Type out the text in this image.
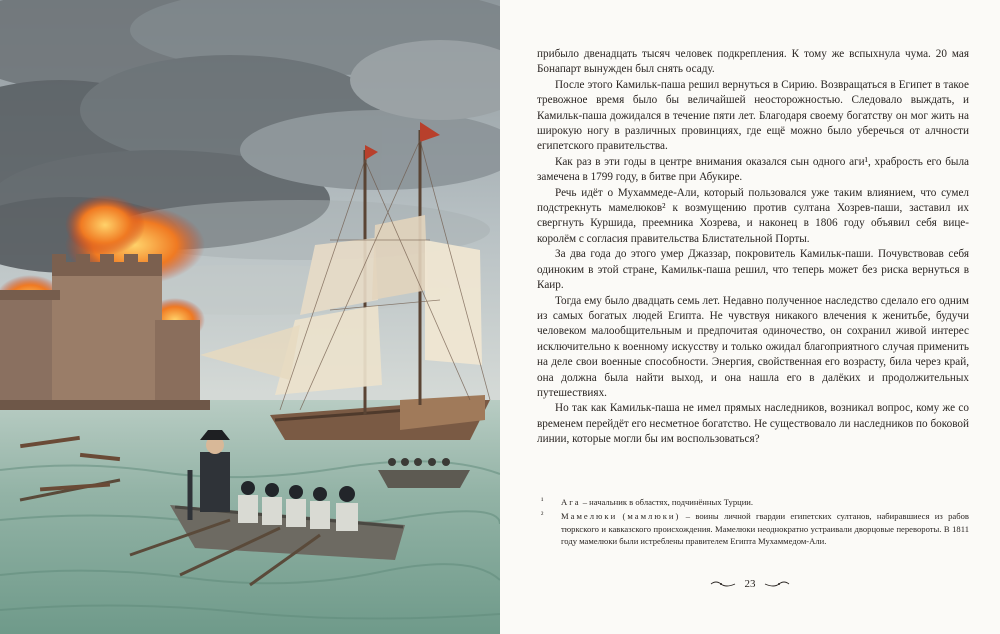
прибыло двенадцать тысяч человек подкрепления. К тому же вспыхнула чума. 20 мая Бонапарт вынужден был снять осаду.

После этого Камильк-паша решил вернуться в Сирию. Возвращаться в Египет в такое тревожное время было бы величайшей неосторожностью. Следовало выждать, и Камильк-паша дожидался в течение пяти лет. Благодаря своему богатству он мог жить на широкую ногу в различных провинциях, где ещё можно было уберечься от алчности египетского правительства.

Как раз в эти годы в центре внимания оказался сын одного аги¹, храбрость его была замечена в 1799 году, в битве при Абукире.

Речь идёт о Мухаммеде-Али, который пользовался уже таким влиянием, что сумел подстрекнуть мамелюков² к возмущению против султана Хозрев-паши, заставил их свергнуть Куршида, преемника Хозрева, и наконец в 1806 году объявил себя вице-королём с согласия правительства Блистательной Порты.

За два года до этого умер Джаззар, покровитель Камильк-паши. Почувствовав себя одиноким в этой стране, Камильк-паша решил, что теперь может без риска вернуться в Каир.

Тогда ему было двадцать семь лет. Недавно полученное наследство сделало его одним из самых богатых людей Египта. Не чувствуя никакого влечения к женитьбе, будучи человеком малообщительным и предпочитая одиночество, он сохранил живой интерес исключительно к военному искусству и только ожидал благоприятного случая применить на деле свои военные способности. Энергия, свойственная его возрасту, била через край, она должна была найти выход, и она нашла его в далёких и продолжительных путешествиях.

Но так как Камильк-паша не имел прямых наследников, возникал вопрос, кому же со временем перейдёт его несметное богатство. Не существовало ли наследников по боковой линии, которые могли бы им воспользоваться?

¹ Ага – начальник в областях, подчинённых Турции.
² Мамелюки (мамлюки) – воины личной гвардии египетских султанов, набиравшиеся из рабов тюркского и кавказского происхождения. Мамелюки неоднократно устраивали дворцовые перевороты. В 1811 году мамелюки были истреблены правителем Египта Мухаммедом-Али.
23
